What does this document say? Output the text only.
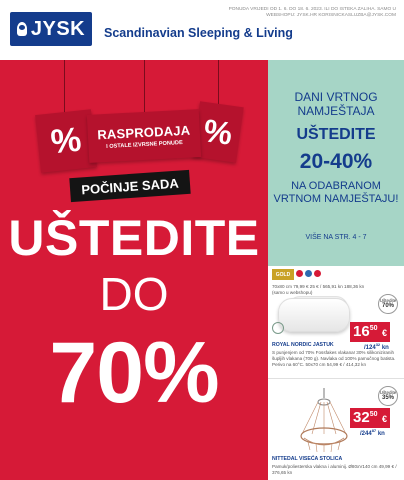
JYSK Scandinavian Sleeping & Living
PONUDA VRIJEDI OD 1. 6. DO 18. 6. 2023. ILI DO ISTEKA ZALIHA. SAMO U WEBSHOPU: JYSK.HR KORISNICKASLUZBA@JYSK.COM
%	%
RASPRODAJA
I OSTALE IZVRSNE PONUDE
POČINJE SADA
UŠTEDITE
DO
70%
DANI VRTNOG NAMJEŠTAJA
UŠTEDITE
20-40%
NA ODABRANOM VRTNOM NAMJEŠTAJU!
VIŠE NA STR. 4 - 7
GOLD
70x80 cm 79,99 € 25 € / 565,91 kn 188,36 kn (samo u webshopu)
Uštedite
70%
$16^{50}$ €
$/124^{32}$ kn
ROYAL NORDIC JASTUK
S punjenjem od 70% Fossfakes vlakana! 30% silikoniziranih šuplјih vlakana (700 g). Navlaka od 100% pamučnog batista. Perivo na 60°C. 50x70 cm 54,99 € / 414,32 kn
Uštedite
35%
$32^{50}$ €
$/244^{87}$ kn
NITTEDAL VISEĆA STOLICA
Pamuk/poliesterska vlakna i aluminij. Ø80xV140 cm 49,99 € / 376,65 kn
